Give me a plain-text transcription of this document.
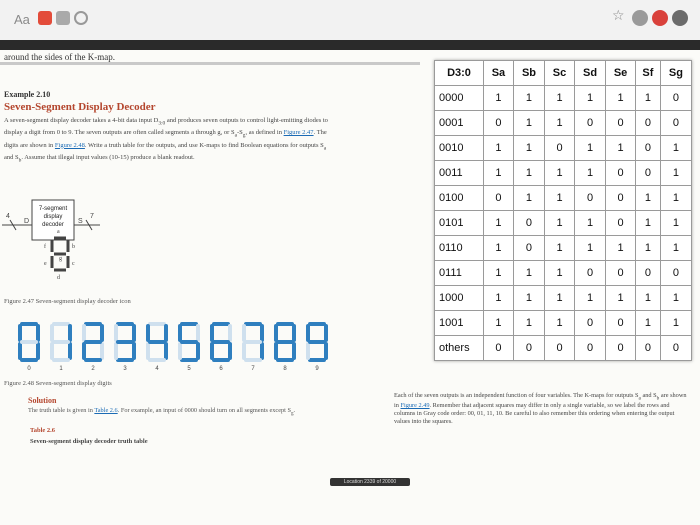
Aa	☆
around the sides of the K-map.
Example 2.10
Seven-Segment Display Decoder
A seven-segment display decoder takes a 4-bit data input $D_{3:0}$ and produces seven outputs to control light-emitting diodes to display a digit from 0 to 9. The seven outputs are often called segments a through g, or $S_a-S_g$, as defined in Figure 2.47. The digits are shown in Figure 2.48. Write a truth table for the outputs, and use K-maps to find Boolean equations for outputs $S_a$ and $S_b$. Assume that illegal input values (10-15) produce a blank readout.
4
D
7-segment
display
decoder S
7
a
b
c
d
e
f
g
Figure 2.47 Seven-segment display decoder icon
Figure 2.48 Seven-segment display digits
0	1	2	3	4	5	6	7	8	9
Solution
The truth table is given in Table 2.6. For example, an input of 0000 should turn on all segments except $S_g$.
Table 2.6
Seven-segment display decoder truth table
D3:0	Sa	Sb	Sc	Sd	Se	Sf	Sg
0000	1	1	1	1	1	1	0
0001	0	1	1	0	0	0	0
0010	1	1	0	1	1	0	1
0011	1	1	1	1	0	0	1
0100	0	1	1	0	0	1	1
0101	1	0	1	1	0	1	1
0110	1	0	1	1	1	1	1
0111	1	1	1	0	0	0	0
1000	1	1	1	1	1	1	1
1001	1	1	1	0	0	1	1
others	0	0	0	0	0	0	0
Each of the seven outputs is an independent function of four variables. The K-maps for outputs $S_a$ and $S_b$ are shown in Figure 2.49. Remember that adjacent squares may differ in only a single variable, so we label the rows and columns in Gray code order: 00, 01, 11, 10. Be careful to also remember this ordering when entering the output values into the squares.
Location 2339 of 20000
